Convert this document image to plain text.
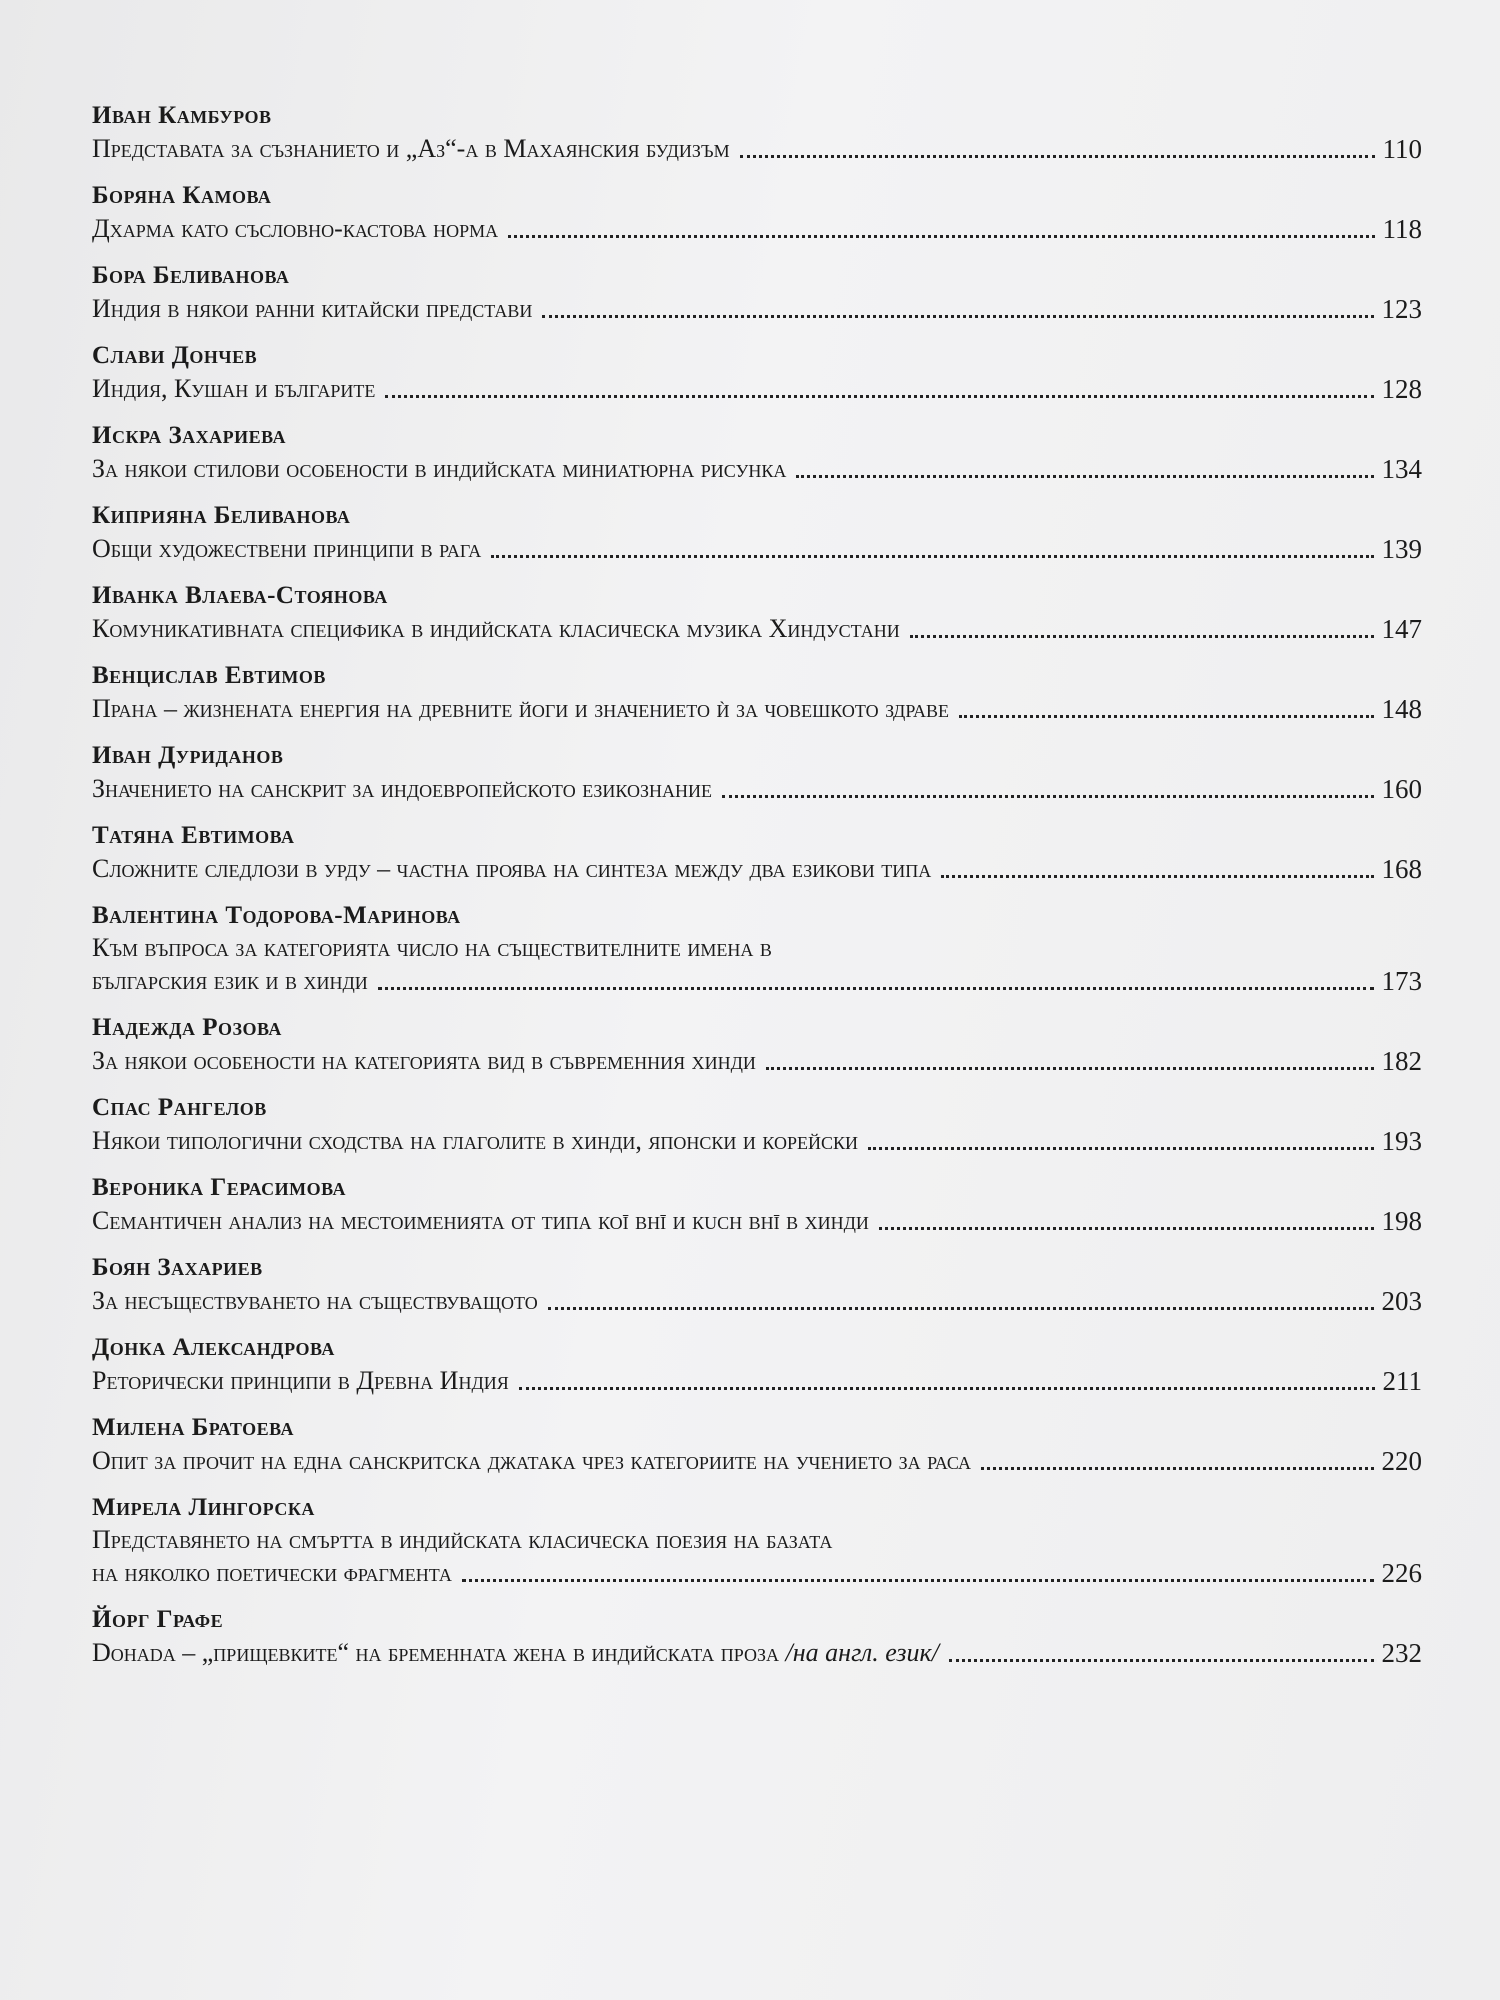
Иван Камбуров
Представата за съзнанието и „Аз“-а в Махаянския будизъм	110
Боряна Камова
Дхарма като съсловно-кастова норма	118
Бора Беливанова
Индия в някои ранни китайски представи	123
Слави Дончев
Индия, Кушан и българите	128
Искра Захариева
За някои стилови особености в индийската миниатюрна рисунка	134
Киприяна Беливанова
Общи художествени принципи в рага	139
Иванка Влаева-Стоянова
Комуникативната специфика в индийската класическа музика Хиндустани	147
Венцислав Евтимов
Прана – жизнената енергия на древните йоги и значението ѝ за човешкото здраве	148
Иван Дуриданов
Значението на санскрит за индоевропейското езикознание	160
Татяна Евтимова
Сложните следлози в урду – частна проява на синтеза между два езикови типа	168
Валентина Тодорова-Маринова
Към въпроса за категорията число на съществителните имена в
българския език и в хинди	173
Надежда Розова
За някои особености на категорията вид в съвременния хинди	182
Спас Рангелов
Някои типологични сходства на глаголите в хинди, японски и корейски	193
Вероника Герасимова
Семантичен анализ на местоименията от типа коī внī и кuch внī в хинди	198
Боян Захариев
За несъществуването на съществуващото	203
Донка Александрова
Реторически принципи в Древна Индия	211
Милена Братоева
Опит за прочит на една санскритска джатака чрез категориите на учението за раса	220
Мирела Лингорска
Представянето на смъртта в индийската класическа поезия на базата
на няколко поетически фрагмента	226
Йорг Графе
Dohada – „прищевките“ на бременната жена в индийската проза /на англ. език/	232
